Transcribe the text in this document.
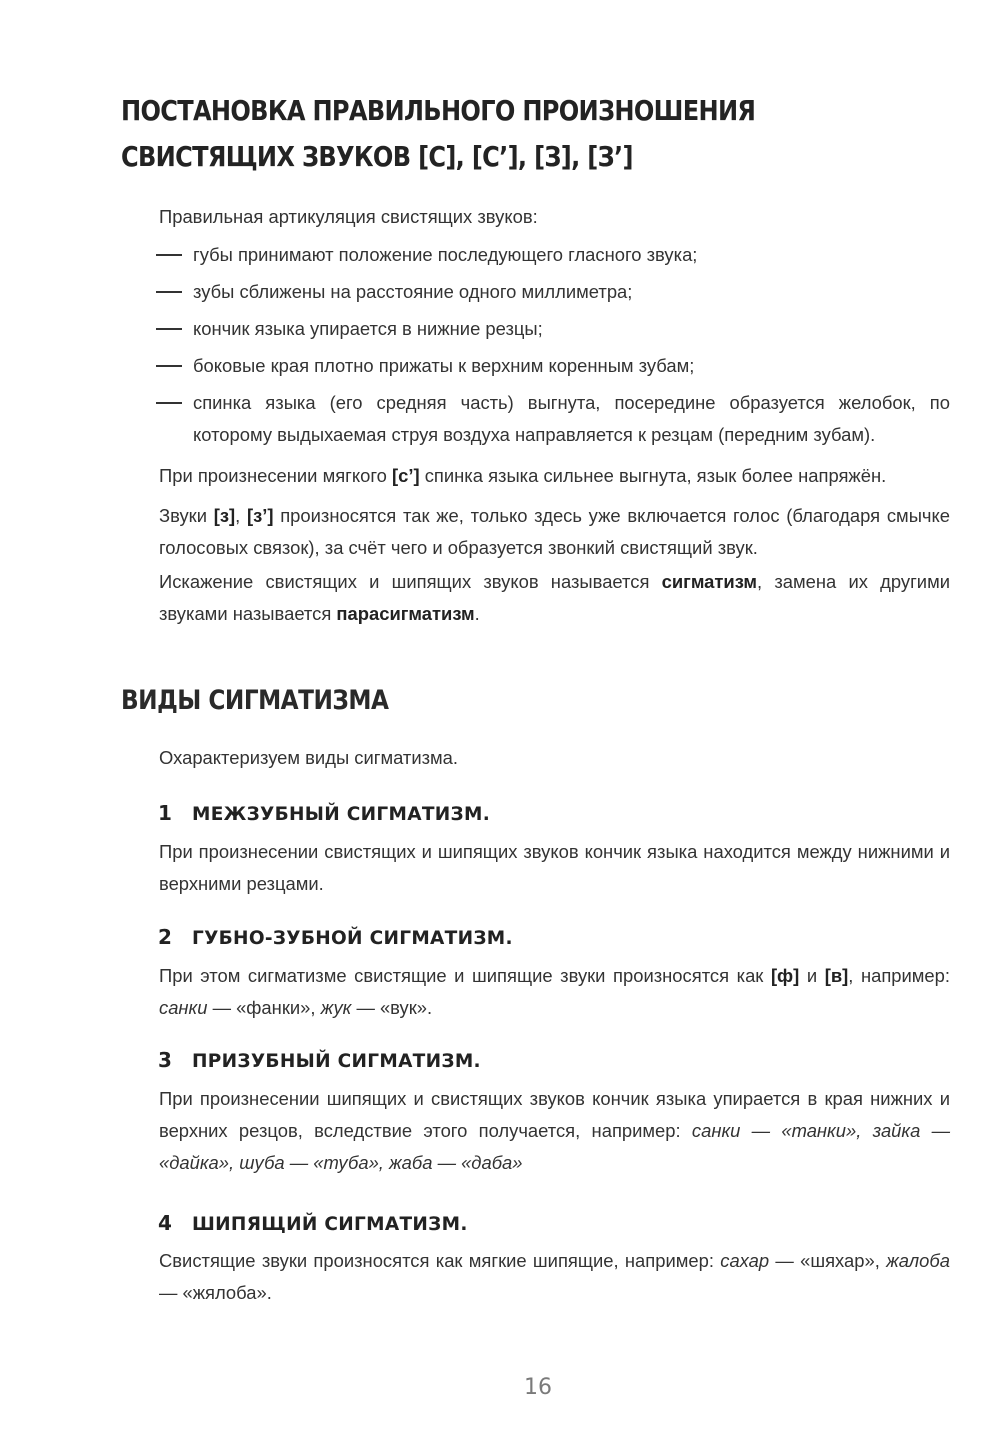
ПОСТАНОВКА ПРАВИЛЬНОГО ПРОИЗНОШЕНИЯ
СВИСТЯЩИХ ЗВУКОВ [С], [С’], [З], [З’]

Правильная артикуляция свистящих звуков:

губы принимают положение последующего гласного звука;
зубы сближены на расстояние одного миллиметра;
кончик языка упирается в нижние резцы;
боковые края плотно прижаты к верхним коренным зубам;
спинка языка (его средняя часть) выгнута, посередине образуется желобок, по которому выдыхаемая струя воздуха направляется к резцам (передним зубам).

При произнесении мягкого [с’] спинка языка сильнее выгнута, язык более напряжён.

Звуки [з], [з’] произносятся так же, только здесь уже включается голос (благодаря смычке голосовых связок), за счёт чего и образуется звонкий свистящий звук.

Искажение свистящих и шипящих звуков называется сигматизм, замена их другими звуками называется парасигматизм.

ВИДЫ СИГМАТИЗМА

Охарактеризуем виды сигматизма.

1 МЕЖЗУБНЫЙ СИГМАТИЗМ.

При произнесении свистящих и шипящих звуков кончик языка находится между нижними и верхними резцами.

2 ГУБНО-ЗУБНОЙ СИГМАТИЗМ.

При этом сигматизме свистящие и шипящие звуки произносятся как [ф] и [в], например: санки — «фанки», жук — «вук».

3 ПРИЗУБНЫЙ СИГМАТИЗМ.

При произнесении шипящих и свистящих звуков кончик языка упирается в края нижних и верхних резцов, вследствие этого получается, например: санки — «танки», зайка — «дайка», шуба — «туба», жаба — «даба»

4 ШИПЯЩИЙ СИГМАТИЗМ.

Свистящие звуки произносятся как мягкие шипящие, например: сахар — «шяхар», жалоба — «жялоба».

16
